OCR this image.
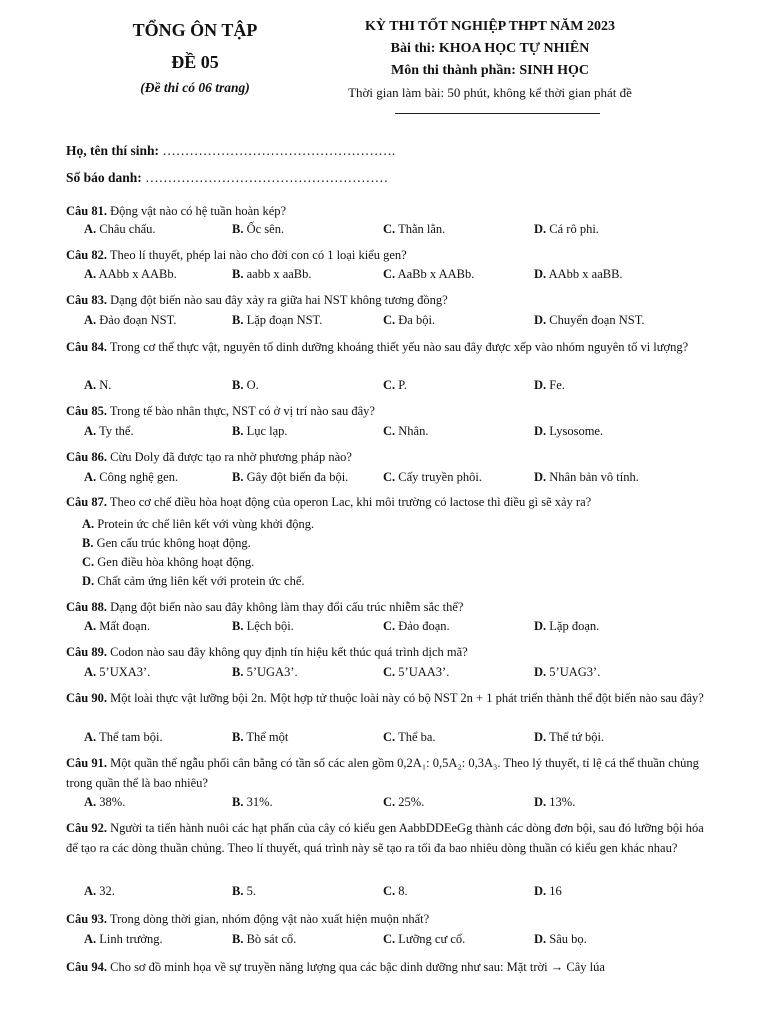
TỔNG ÔN TẬP
ĐỀ 05
(Đề thi có 06 trang)
KỲ THI TỐT NGHIỆP THPT NĂM 2023
Bài thi: KHOA HỌC TỰ NHIÊN
Môn thi thành phần: SINH HỌC
Thời gian làm bài: 50 phút, không kể thời gian phát đề
Họ, tên thí sinh: …………………………………………….
Số báo danh: ………………………………………………
Câu 81. Động vật nào có hệ tuần hoàn kép?
A. Châu chấu.	B. Ốc sên.	C. Thằn lằn.	D. Cá rô phi.
Câu 82. Theo lí thuyết, phép lai nào cho đời con có 1 loại kiểu gen?
A. AAbb x AABb.	B. aabb x aaBb.	C. AaBb x AABb.	D. AAbb x aaBB.
Câu 83. Dạng đột biến nào sau đây xảy ra giữa hai NST không tương đồng?
A. Đảo đoạn NST.	B. Lặp đoạn NST.	C. Đa bội.	D. Chuyển đoạn NST.
Câu 84. Trong cơ thể thực vật, nguyên tố dinh dưỡng khoáng thiết yếu nào sau đây được xếp vào nhóm nguyên tố vi lượng?
A. N.	B. O.	C. P.	D. Fe.
Câu 85. Trong tế bào nhân thực, NST có ở vị trí nào sau đây?
A. Ty thể.	B. Lục lạp.	C. Nhân.	D. Lysosome.
Câu 86. Cừu Doly đã được tạo ra nhờ phương pháp nào?
A. Công nghệ gen.	B. Gây đột biến đa bội.	C. Cấy truyền phôi.	D. Nhân bản vô tính.
Câu 87. Theo cơ chế điều hòa hoạt động của operon Lac, khi môi trường có lactose thì điều gì sẽ xảy ra?
A. Protein ức chế liên kết với vùng khởi động.
B. Gen cấu trúc không hoạt động.
C. Gen điều hòa không hoạt động.
D. Chất cảm ứng liên kết với protein ức chế.
Câu 88. Dạng đột biến nào sau đây không làm thay đổi cấu trúc nhiễm sắc thể?
A. Mất đoạn.	B. Lệch bội.	C. Đảo đoạn.	D. Lặp đoạn.
Câu 89. Codon nào sau đây không quy định tín hiệu kết thúc quá trình dịch mã?
A. 5’UXA3’.	B. 5’UGA3’.	C. 5’UAA3’.	D. 5’UAG3’.
Câu 90. Một loài thực vật lưỡng bội 2n. Một hợp tử thuộc loài này có bộ NST 2n + 1 phát triển thành thể đột biến nào sau đây?
A. Thể tam bội.	B. Thể một	C. Thể ba.	D. Thể tứ bội.
Câu 91. Một quần thể ngẫu phối cân bằng có tần số các alen gồm 0,2A₁: 0,5A₂: 0,3A₃. Theo lý thuyết, tỉ lệ cá thể thuần chủng trong quần thể là bao nhiêu?
A. 38%.	B. 31%.	C. 25%.	D. 13%.
Câu 92. Người ta tiến hành nuôi các hạt phấn của cây có kiểu gen AabbDDEeGg thành các dòng đơn bội, sau đó lưỡng bội hóa để tạo ra các dòng thuần chủng. Theo lí thuyết, quá trình này sẽ tạo ra tối đa bao nhiêu dòng thuần có kiểu gen khác nhau?
A. 32.	B. 5.	C. 8.	D. 16
Câu 93. Trong dòng thời gian, nhóm động vật nào xuất hiện muộn nhất?
A. Linh trưởng.	B. Bò sát cổ.	C. Lưỡng cư cổ.	D. Sâu bọ.
Câu 94. Cho sơ đồ minh họa về sự truyền năng lượng qua các bậc dinh dưỡng như sau: Mặt trời → Cây lúa
